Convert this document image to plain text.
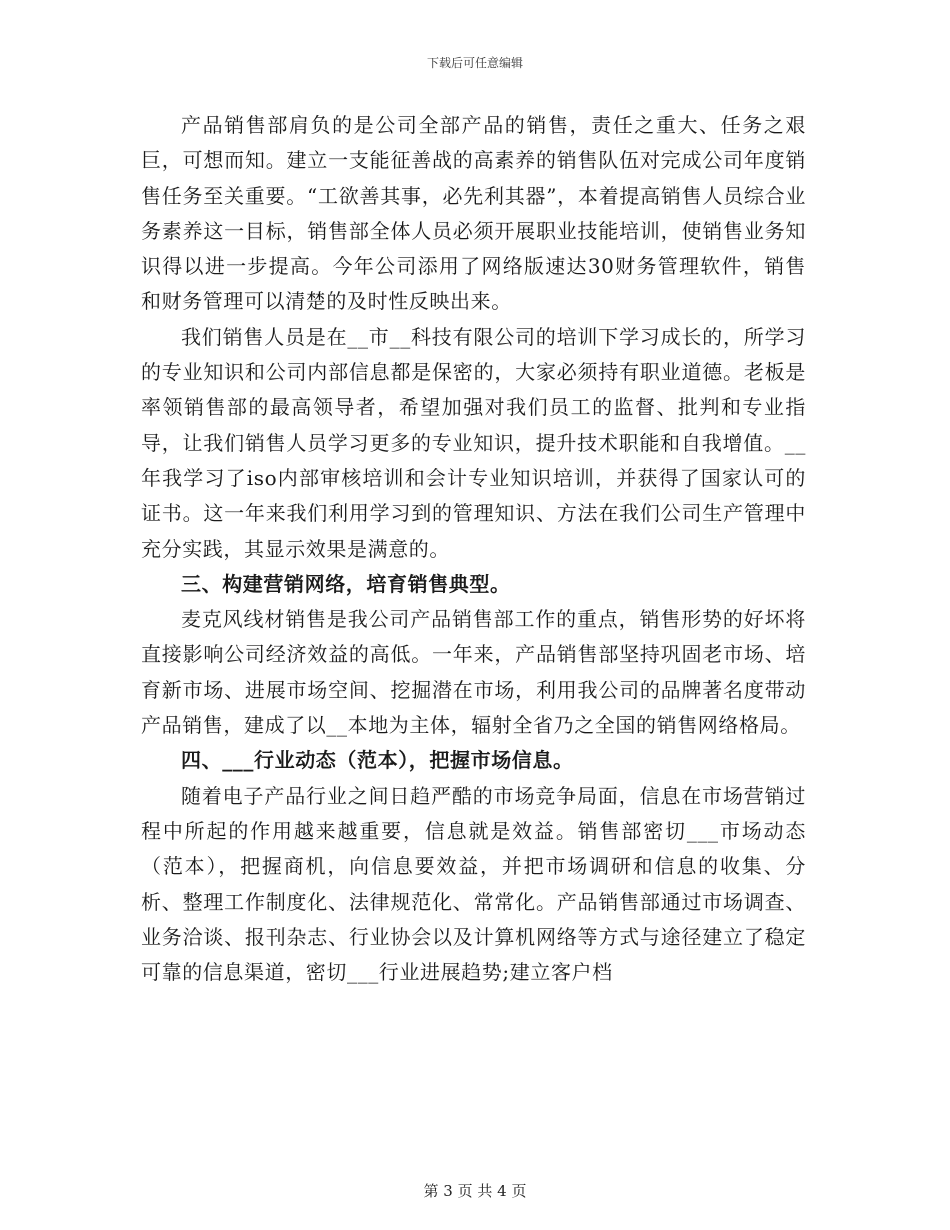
下载后可任意编辑

产品销售部肩负的是公司全部产品的销售，责任之重大、任务之艰巨，可想而知。建立一支能征善战的高素养的销售队伍对完成公司年度销售任务至关重要。“工欲善其事，必先利其器”，本着提高销售人员综合业务素养这一目标，销售部全体人员必须开展职业技能培训，使销售业务知识得以进一步提高。今年公司添用了网络版速达30财务管理软件，销售和财务管理可以清楚的及时性反映出来。

我们销售人员是在__市__科技有限公司的培训下学习成长的，所学习的专业知识和公司内部信息都是保密的，大家必须持有职业道德。老板是率领销售部的最高领导者，希望加强对我们员工的监督、批判和专业指导，让我们销售人员学习更多的专业知识，提升技术职能和自我增值。__年我学习了iso内部审核培训和会计专业知识培训，并获得了国家认可的证书。这一年来我们利用学习到的管理知识、方法在我们公司生产管理中充分实践，其显示效果是满意的。

三、构建营销网络，培育销售典型。

麦克风线材销售是我公司产品销售部工作的重点，销售形势的好坏将直接影响公司经济效益的高低。一年来，产品销售部坚持巩固老市场、培育新市场、进展市场空间、挖掘潜在市场，利用我公司的品牌著名度带动产品销售，建成了以__本地为主体，辐射全省乃之全国的销售网络格局。

四、___行业动态（范本），把握市场信息。

随着电子产品行业之间日趋严酷的市场竞争局面，信息在市场营销过程中所起的作用越来越重要，信息就是效益。销售部密切___市场动态（范本），把握商机，向信息要效益，并把市场调研和信息的收集、分析、整理工作制度化、法律规范化、常常化。产品销售部通过市场调查、业务洽谈、报刊杂志、行业协会以及计算机网络等方式与途径建立了稳定可靠的信息渠道，密切___行业进展趋势;建立客户档

第 3 页 共 4 页
